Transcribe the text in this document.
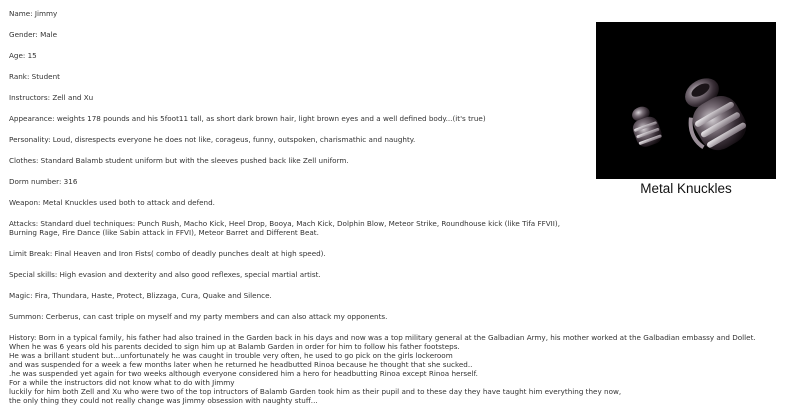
Name: Jimmy

Gender: Male

Age: 15

Rank: Student

Instructors: Zell and Xu

Appearance: weights 178 pounds and his 5foot11 tall, as short dark brown hair, light brown eyes and a well defined body...(it's true)

Personality: Loud, disrespects everyone he does not like, corageus, funny, outspoken, charismathic and naughty.

Clothes: Standard Balamb student uniform but with the sleeves pushed back like Zell uniform.

Dorm number: 316

Weapon: Metal Knuckles used both to attack and defend.

Attacks: Standard duel techniques: Punch Rush, Macho Kick, Heel Drop, Booya, Mach Kick, Dolphin Blow, Meteor Strike, Roundhouse kick (like Tifa FFVII),

Burning Rage, Fire Dance (like Sabin attack in FFVI), Meteor Barret and Different Beat.

Limit Break: Final Heaven and Iron Fists( combo of deadly punches dealt at high speed).

Special skills: High evasion and dexterity and also good reflexes, special martial artist.

Magic: Fira, Thundara, Haste, Protect, Blizzaga, Cura, Quake and Silence.

Summon: Cerberus, can cast triple on myself and my party members and can also attack my opponents.

History: Born in a typical family, his father had also trained in the Garden back in his days and now was a top military general at the Galbadian Army, his mother worked at the Galbadian embassy and Dollet.

When he was 6 years old his parents decided to sign him up at Balamb Garden in order for him to follow his father footsteps.

He was a brillant student but...unfortunately he was caught in trouble very often, he used to go pick on the girls lockeroom

and was suspended for a week a few months later when he returned he headbutted Rinoa because he thought that she sucked..

.he was suspended yet again for two weeks although everyone considered him a hero for headbutting Rinoa except Rinoa herself.

For a while the instructors did not know what to do with Jimmy

luckily for him both Zell and Xu who were two of the top intructors of Balamb Garden took him as their pupil and to these day they have taught him everything they now,

the only thing they could not really change was Jimmy obsession with naughty stuff...

Metal Knuckles
